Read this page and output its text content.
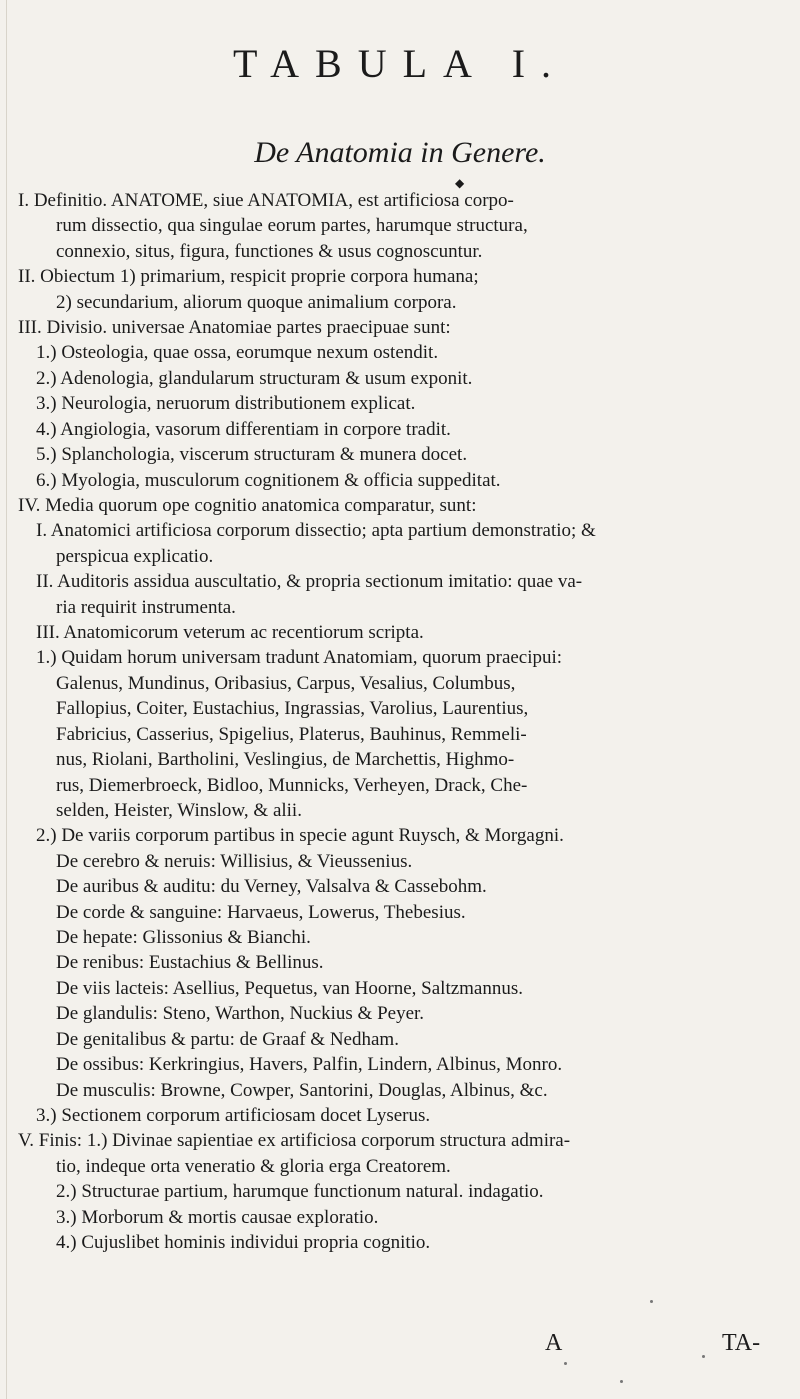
TABULA I.
De Anatomia in Genere.
◆
I. Definitio. ANATOME, siue ANATOMIA, est artificiosa corpo-
rum dissectio, qua singulae eorum partes, harumque structura,
connexio, situs, figura, functiones & usus cognoscuntur.
II. Obiectum 1) primarium, respicit proprie corpora humana;
2) secundarium, aliorum quoque animalium corpora.
III. Divisio. universae Anatomiae partes praecipuae sunt:
1.) Osteologia, quae ossa, eorumque nexum ostendit.
2.) Adenologia, glandularum structuram & usum exponit.
3.) Neurologia, neruorum distributionem explicat.
4.) Angiologia, vasorum differentiam in corpore tradit.
5.) Splanchologia, viscerum structuram & munera docet.
6.) Myologia, musculorum cognitionem & officia suppeditat.
IV. Media quorum ope cognitio anatomica comparatur, sunt:
I. Anatomici artificiosa corporum dissectio; apta partium demonstratio; &
perspicua explicatio.
II. Auditoris assidua auscultatio, & propria sectionum imitatio: quae va-
ria requirit instrumenta.
III. Anatomicorum veterum ac recentiorum scripta.
1.) Quidam horum universam tradunt Anatomiam, quorum praecipui:
Galenus, Mundinus, Oribasius, Carpus, Vesalius, Columbus,
Fallopius, Coiter, Eustachius, Ingrassias, Varolius, Laurentius,
Fabricius, Casserius, Spigelius, Platerus, Bauhinus, Remmeli-
nus, Riolani, Bartholini, Veslingius, de Marchettis, Highmo-
rus, Diemerbroeck, Bidloo, Munnicks, Verheyen, Drack, Che-
selden, Heister, Winslow, & alii.
2.) De variis corporum partibus in specie agunt Ruysch, & Morgagni.
De cerebro & neruis: Willisius, & Vieussenius.
De auribus & auditu: du Verney, Valsalva & Cassebohm.
De corde & sanguine: Harvaeus, Lowerus, Thebesius.
De hepate: Glissonius & Bianchi.
De renibus: Eustachius & Bellinus.
De viis lacteis: Asellius, Pequetus, van Hoorne, Saltzmannus.
De glandulis: Steno, Warthon, Nuckius & Peyer.
De genitalibus & partu: de Graaf & Nedham.
De ossibus: Kerkringius, Havers, Palfin, Lindern, Albinus, Monro.
De musculis: Browne, Cowper, Santorini, Douglas, Albinus, &c.
3.) Sectionem corporum artificiosam docet Lyserus.
V. Finis: 1.) Divinae sapientiae ex artificiosa corporum structura admira-
tio, indeque orta veneratio & gloria erga Creatorem.
2.) Structurae partium, harumque functionum natural. indagatio.
3.) Morborum & mortis causae exploratio.
4.) Cujuslibet hominis individui propria cognitio.
A	TA-
